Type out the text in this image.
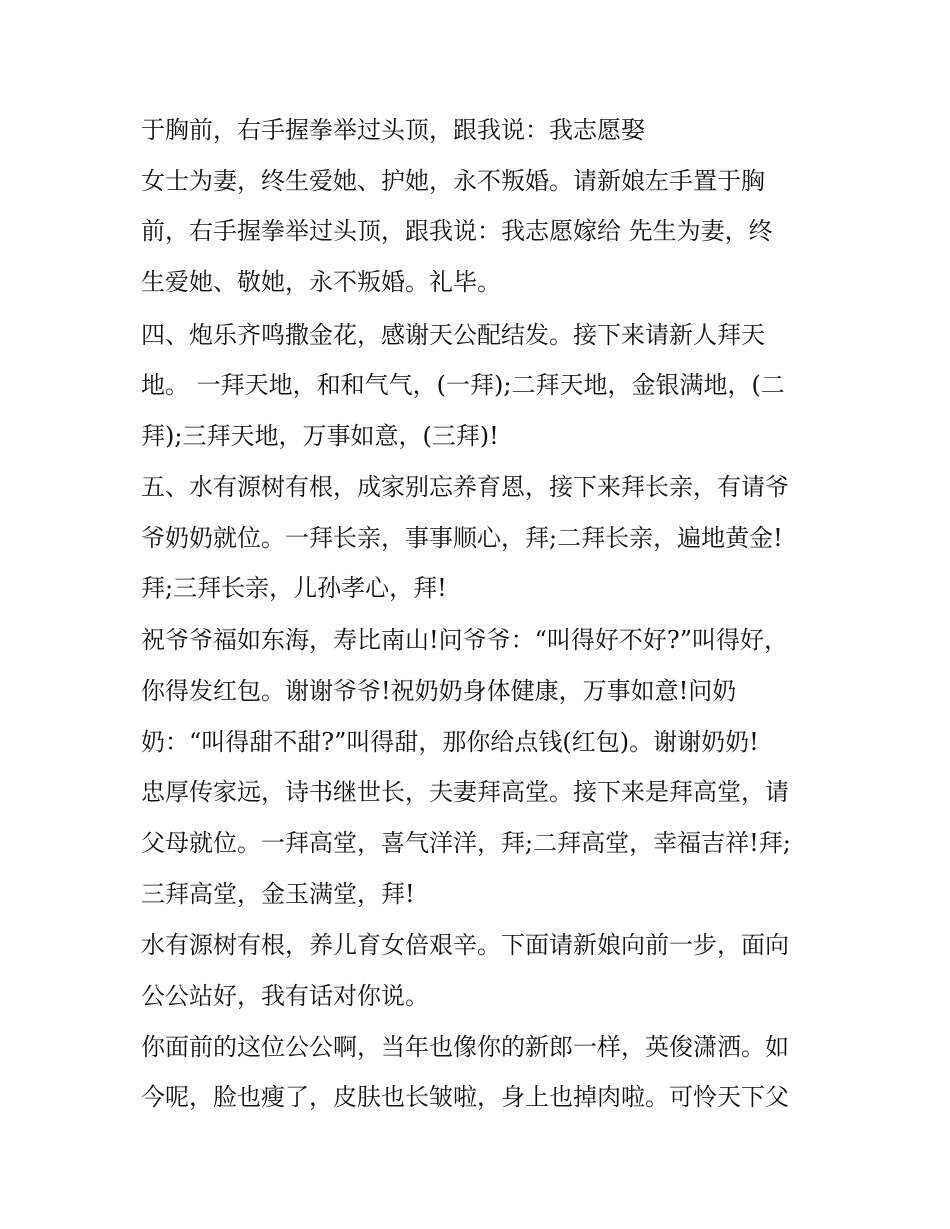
于胸前，右手握拳举过头顶，跟我说：我志愿娶

女士为妻，终生爱她、护她，永不叛婚。请新娘左手置于胸

前，右手握拳举过头顶，跟我说：我志愿嫁给 先生为妻，终

生爱她、敬她，永不叛婚。礼毕。

四、炮乐齐鸣撒金花，感谢天公配结发。接下来请新人拜天

地。 一拜天地，和和气气，(一拜);二拜天地，金银满地，(二

拜);三拜天地，万事如意，(三拜)!

五、水有源树有根，成家别忘养育恩，接下来拜长亲，有请爷

爷奶奶就位。一拜长亲，事事顺心，拜;二拜长亲，遍地黄金!

拜;三拜长亲，儿孙孝心，拜!

祝爷爷福如东海，寿比南山!问爷爷：“叫得好不好?”叫得好，

你得发红包。谢谢爷爷!祝奶奶身体健康，万事如意!问奶

奶：“叫得甜不甜?”叫得甜，那你给点钱(红包)。谢谢奶奶!

忠厚传家远，诗书继世长，夫妻拜高堂。接下来是拜高堂，请

父母就位。一拜高堂，喜气洋洋，拜;二拜高堂，幸福吉祥!拜;

三拜高堂，金玉满堂，拜!

水有源树有根，养儿育女倍艰辛。下面请新娘向前一步，面向

公公站好，我有话对你说。

你面前的这位公公啊，当年也像你的新郎一样，英俊潇洒。如

今呢，脸也瘦了，皮肤也长皱啦，身上也掉肉啦。可怜天下父
